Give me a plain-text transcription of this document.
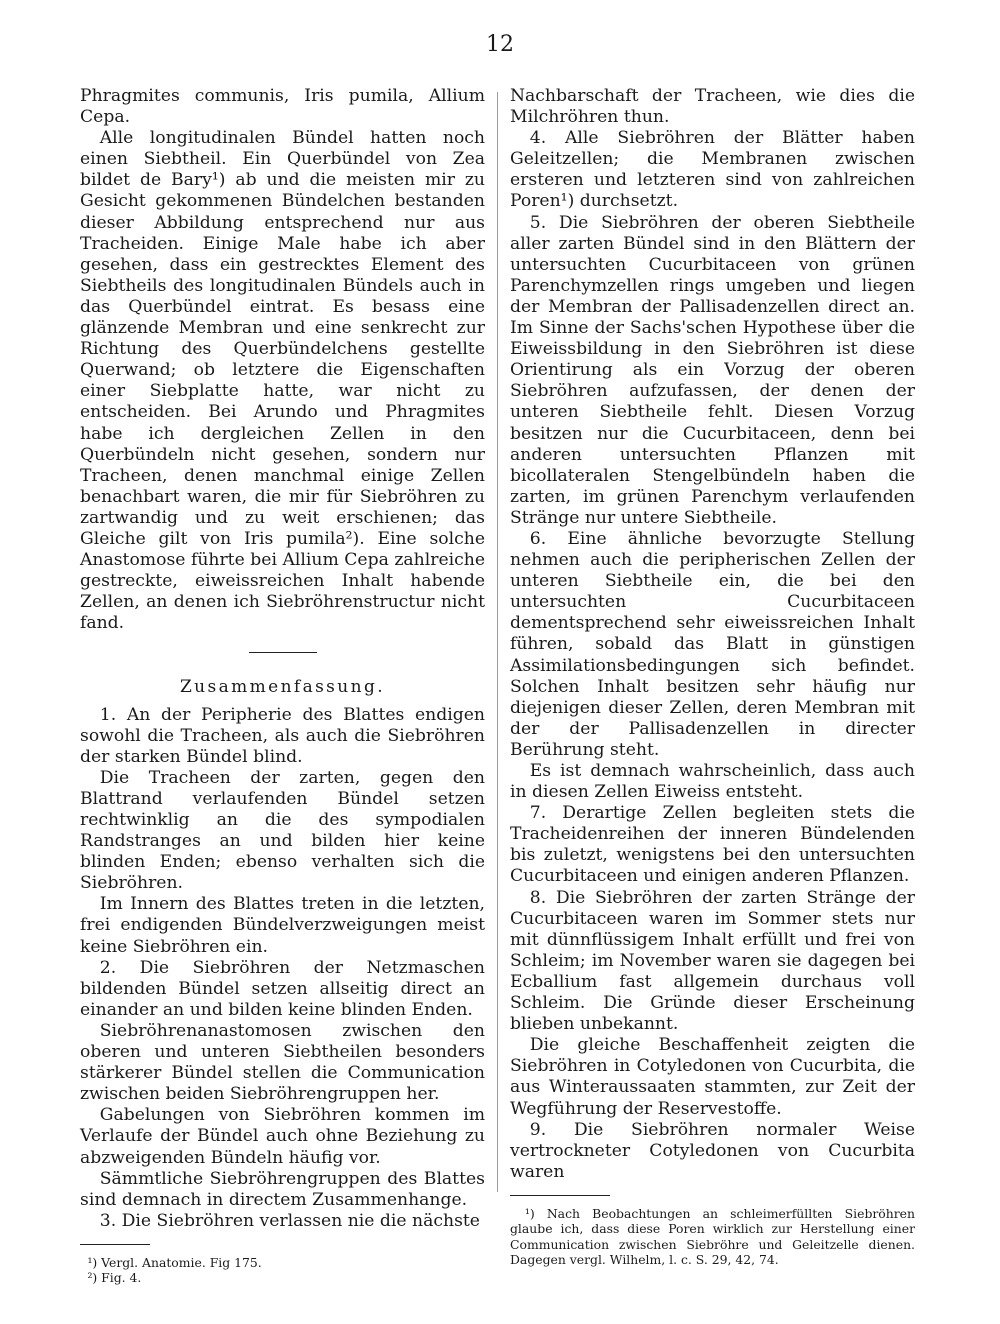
12

Phragmites communis, Iris pumila, Allium Cepa.

Alle longitudinalen Bündel hatten noch einen Siebtheil. Ein Querbündel von Zea bildet de Bary¹) ab und die meisten mir zu Gesicht gekommenen Bündelchen bestanden dieser Abbildung entsprechend nur aus Tracheiden. Einige Male habe ich aber gesehen, dass ein gestrecktes Element des Siebtheils des longitudinalen Bündels auch in das Querbündel eintrat. Es besass eine glänzende Membran und eine senkrecht zur Richtung des Querbündelchens gestellte Querwand; ob letztere die Eigenschaften einer Siebplatte hatte, war nicht zu entscheiden. Bei Arundo und Phragmites habe ich dergleichen Zellen in den Querbündeln nicht gesehen, sondern nur Tracheen, denen manchmal einige Zellen benachbart waren, die mir für Siebröhren zu zartwandig und zu weit erschienen; das Gleiche gilt von Iris pumila²). Eine solche Anastomose führte bei Allium Cepa zahlreiche gestreckte, eiweissreichen Inhalt habende Zellen, an denen ich Siebröhrenstructur nicht fand.

Zusammenfassung.

1. An der Peripherie des Blattes endigen sowohl die Tracheen, als auch die Siebröhren der starken Bündel blind.

Die Tracheen der zarten, gegen den Blattrand verlaufenden Bündel setzen rechtwinklig an die des sympodialen Randstranges an und bilden hier keine blinden Enden; ebenso verhalten sich die Siebröhren.

Im Innern des Blattes treten in die letzten, frei endigenden Bündelverzweigungen meist keine Siebröhren ein.

2. Die Siebröhren der Netzmaschen bildenden Bündel setzen allseitig direct an einander an und bilden keine blinden Enden.

Siebröhrenanastomosen zwischen den oberen und unteren Siebtheilen besonders stärkerer Bündel stellen die Communication zwischen beiden Siebröhrengruppen her.

Gabelungen von Siebröhren kommen im Verlaufe der Bündel auch ohne Beziehung zu abzweigenden Bündeln häufig vor.

Sämmtliche Siebröhrengruppen des Blattes sind demnach in directem Zusammenhange.

3. Die Siebröhren verlassen nie die nächste

¹) Vergl. Anatomie. Fig 175.

²) Fig. 4.

Nachbarschaft der Tracheen, wie dies die Milchröhren thun.

4. Alle Siebröhren der Blätter haben Geleitzellen; die Membranen zwischen ersteren und letzteren sind von zahlreichen Poren¹) durchsetzt.

5. Die Siebröhren der oberen Siebtheile aller zarten Bündel sind in den Blättern der untersuchten Cucurbitaceen von grünen Parenchymzellen rings umgeben und liegen der Membran der Pallisadenzellen direct an. Im Sinne der Sachs'schen Hypothese über die Eiweissbildung in den Siebröhren ist diese Orientirung als ein Vorzug der oberen Siebröhren aufzufassen, der denen der unteren Siebtheile fehlt. Diesen Vorzug besitzen nur die Cucurbitaceen, denn bei anderen untersuchten Pflanzen mit bicollateralen Stengelbündeln haben die zarten, im grünen Parenchym verlaufenden Stränge nur untere Siebtheile.

6. Eine ähnliche bevorzugte Stellung nehmen auch die peripherischen Zellen der unteren Siebtheile ein, die bei den untersuchten Cucurbitaceen dementsprechend sehr eiweissreichen Inhalt führen, sobald das Blatt in günstigen Assimilationsbedingungen sich befindet. Solchen Inhalt besitzen sehr häufig nur diejenigen dieser Zellen, deren Membran mit der der Pallisadenzellen in directer Berührung steht.

Es ist demnach wahrscheinlich, dass auch in diesen Zellen Eiweiss entsteht.

7. Derartige Zellen begleiten stets die Tracheidenreihen der inneren Bündelenden bis zuletzt, wenigstens bei den untersuchten Cucurbitaceen und einigen anderen Pflanzen.

8. Die Siebröhren der zarten Stränge der Cucurbitaceen waren im Sommer stets nur mit dünnflüssigem Inhalt erfüllt und frei von Schleim; im November waren sie dagegen bei Ecballium fast allgemein durchaus voll Schleim. Die Gründe dieser Erscheinung blieben unbekannt.

Die gleiche Beschaffenheit zeigten die Siebröhren in Cotyledonen von Cucurbita, die aus Winteraussaaten stammten, zur Zeit der Wegführung der Reservestoffe.

9. Die Siebröhren normaler Weise vertrockneter Cotyledonen von Cucurbita waren

¹) Nach Beobachtungen an schleimerfüllten Siebröhren glaube ich, dass diese Poren wirklich zur Herstellung einer Communication zwischen Siebröhre und Geleitzelle dienen. Dagegen vergl. Wilhelm, l. c. S. 29, 42, 74.
